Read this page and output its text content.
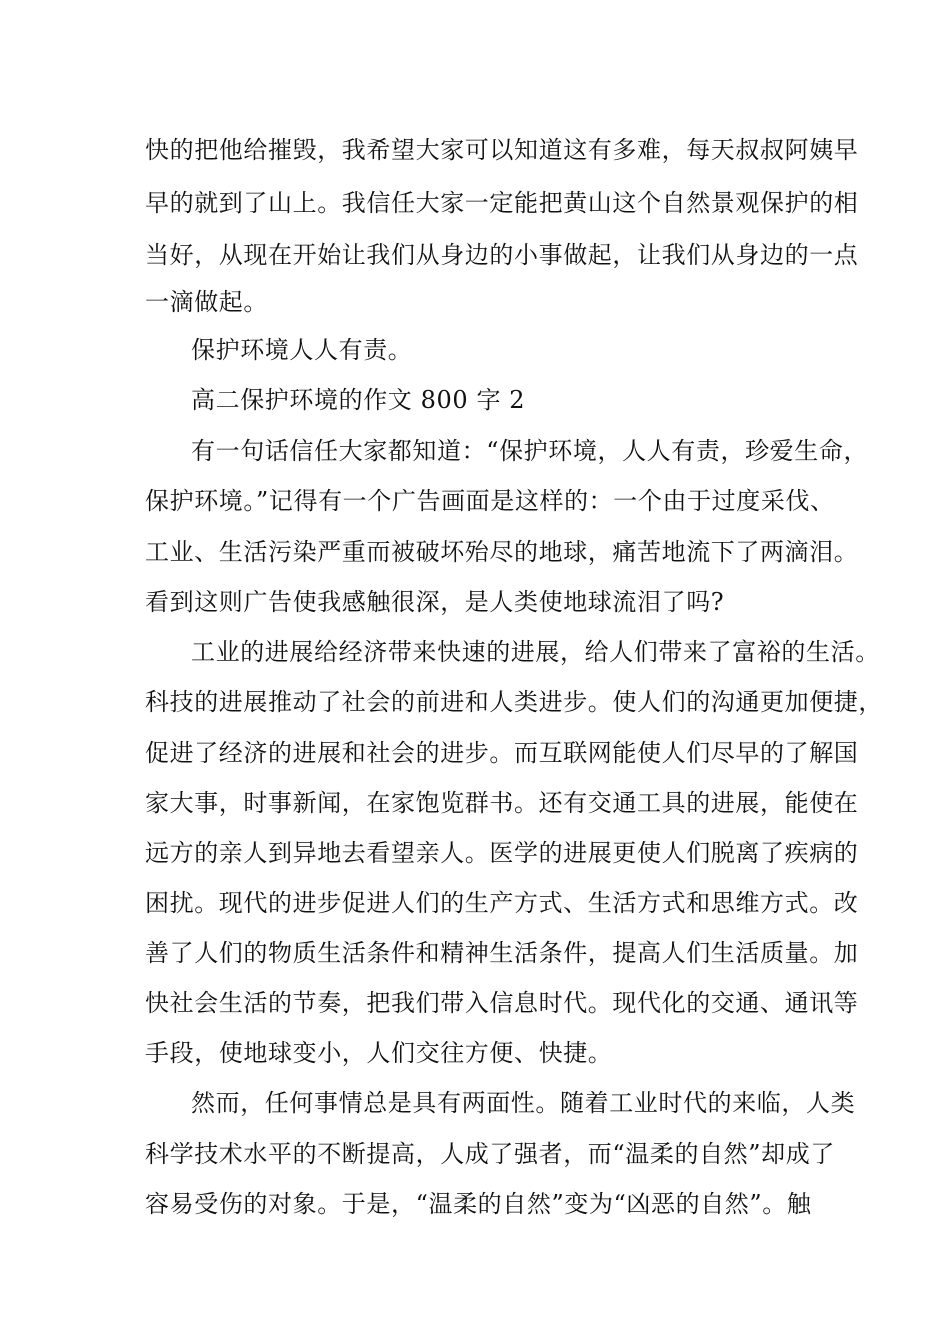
快的把他给摧毁，我希望大家可以知道这有多难，每天叔叔阿姨早
早的就到了山上。我信任大家一定能把黄山这个自然景观保护的相
当好，从现在开始让我们从身边的小事做起，让我们从身边的一点
一滴做起。
保护环境人人有责。
高二保护环境的作文 800 字 2
有一句话信任大家都知道：“保护环境，人人有责，珍爱生命，
保护环境。”记得有一个广告画面是这样的：一个由于过度采伐、
工业、生活污染严重而被破坏殆尽的地球，痛苦地流下了两滴泪。
看到这则广告使我感触很深，是人类使地球流泪了吗?
工业的进展给经济带来快速的进展，给人们带来了富裕的生活。
科技的进展推动了社会的前进和人类进步。使人们的沟通更加便捷，
促进了经济的进展和社会的进步。而互联网能使人们尽早的了解国
家大事，时事新闻，在家饱览群书。还有交通工具的进展，能使在
远方的亲人到异地去看望亲人。医学的进展更使人们脱离了疾病的
困扰。现代的进步促进人们的生产方式、生活方式和思维方式。改
善了人们的物质生活条件和精神生活条件，提高人们生活质量。加
快社会生活的节奏，把我们带入信息时代。现代化的交通、通讯等
手段，使地球变小，人们交往方便、快捷。
然而，任何事情总是具有两面性。随着工业时代的来临，人类
科学技术水平的不断提高，人成了强者，而“温柔的自然”却成了
容易受伤的对象。于是，“温柔的自然”变为“凶恶的自然”。触
